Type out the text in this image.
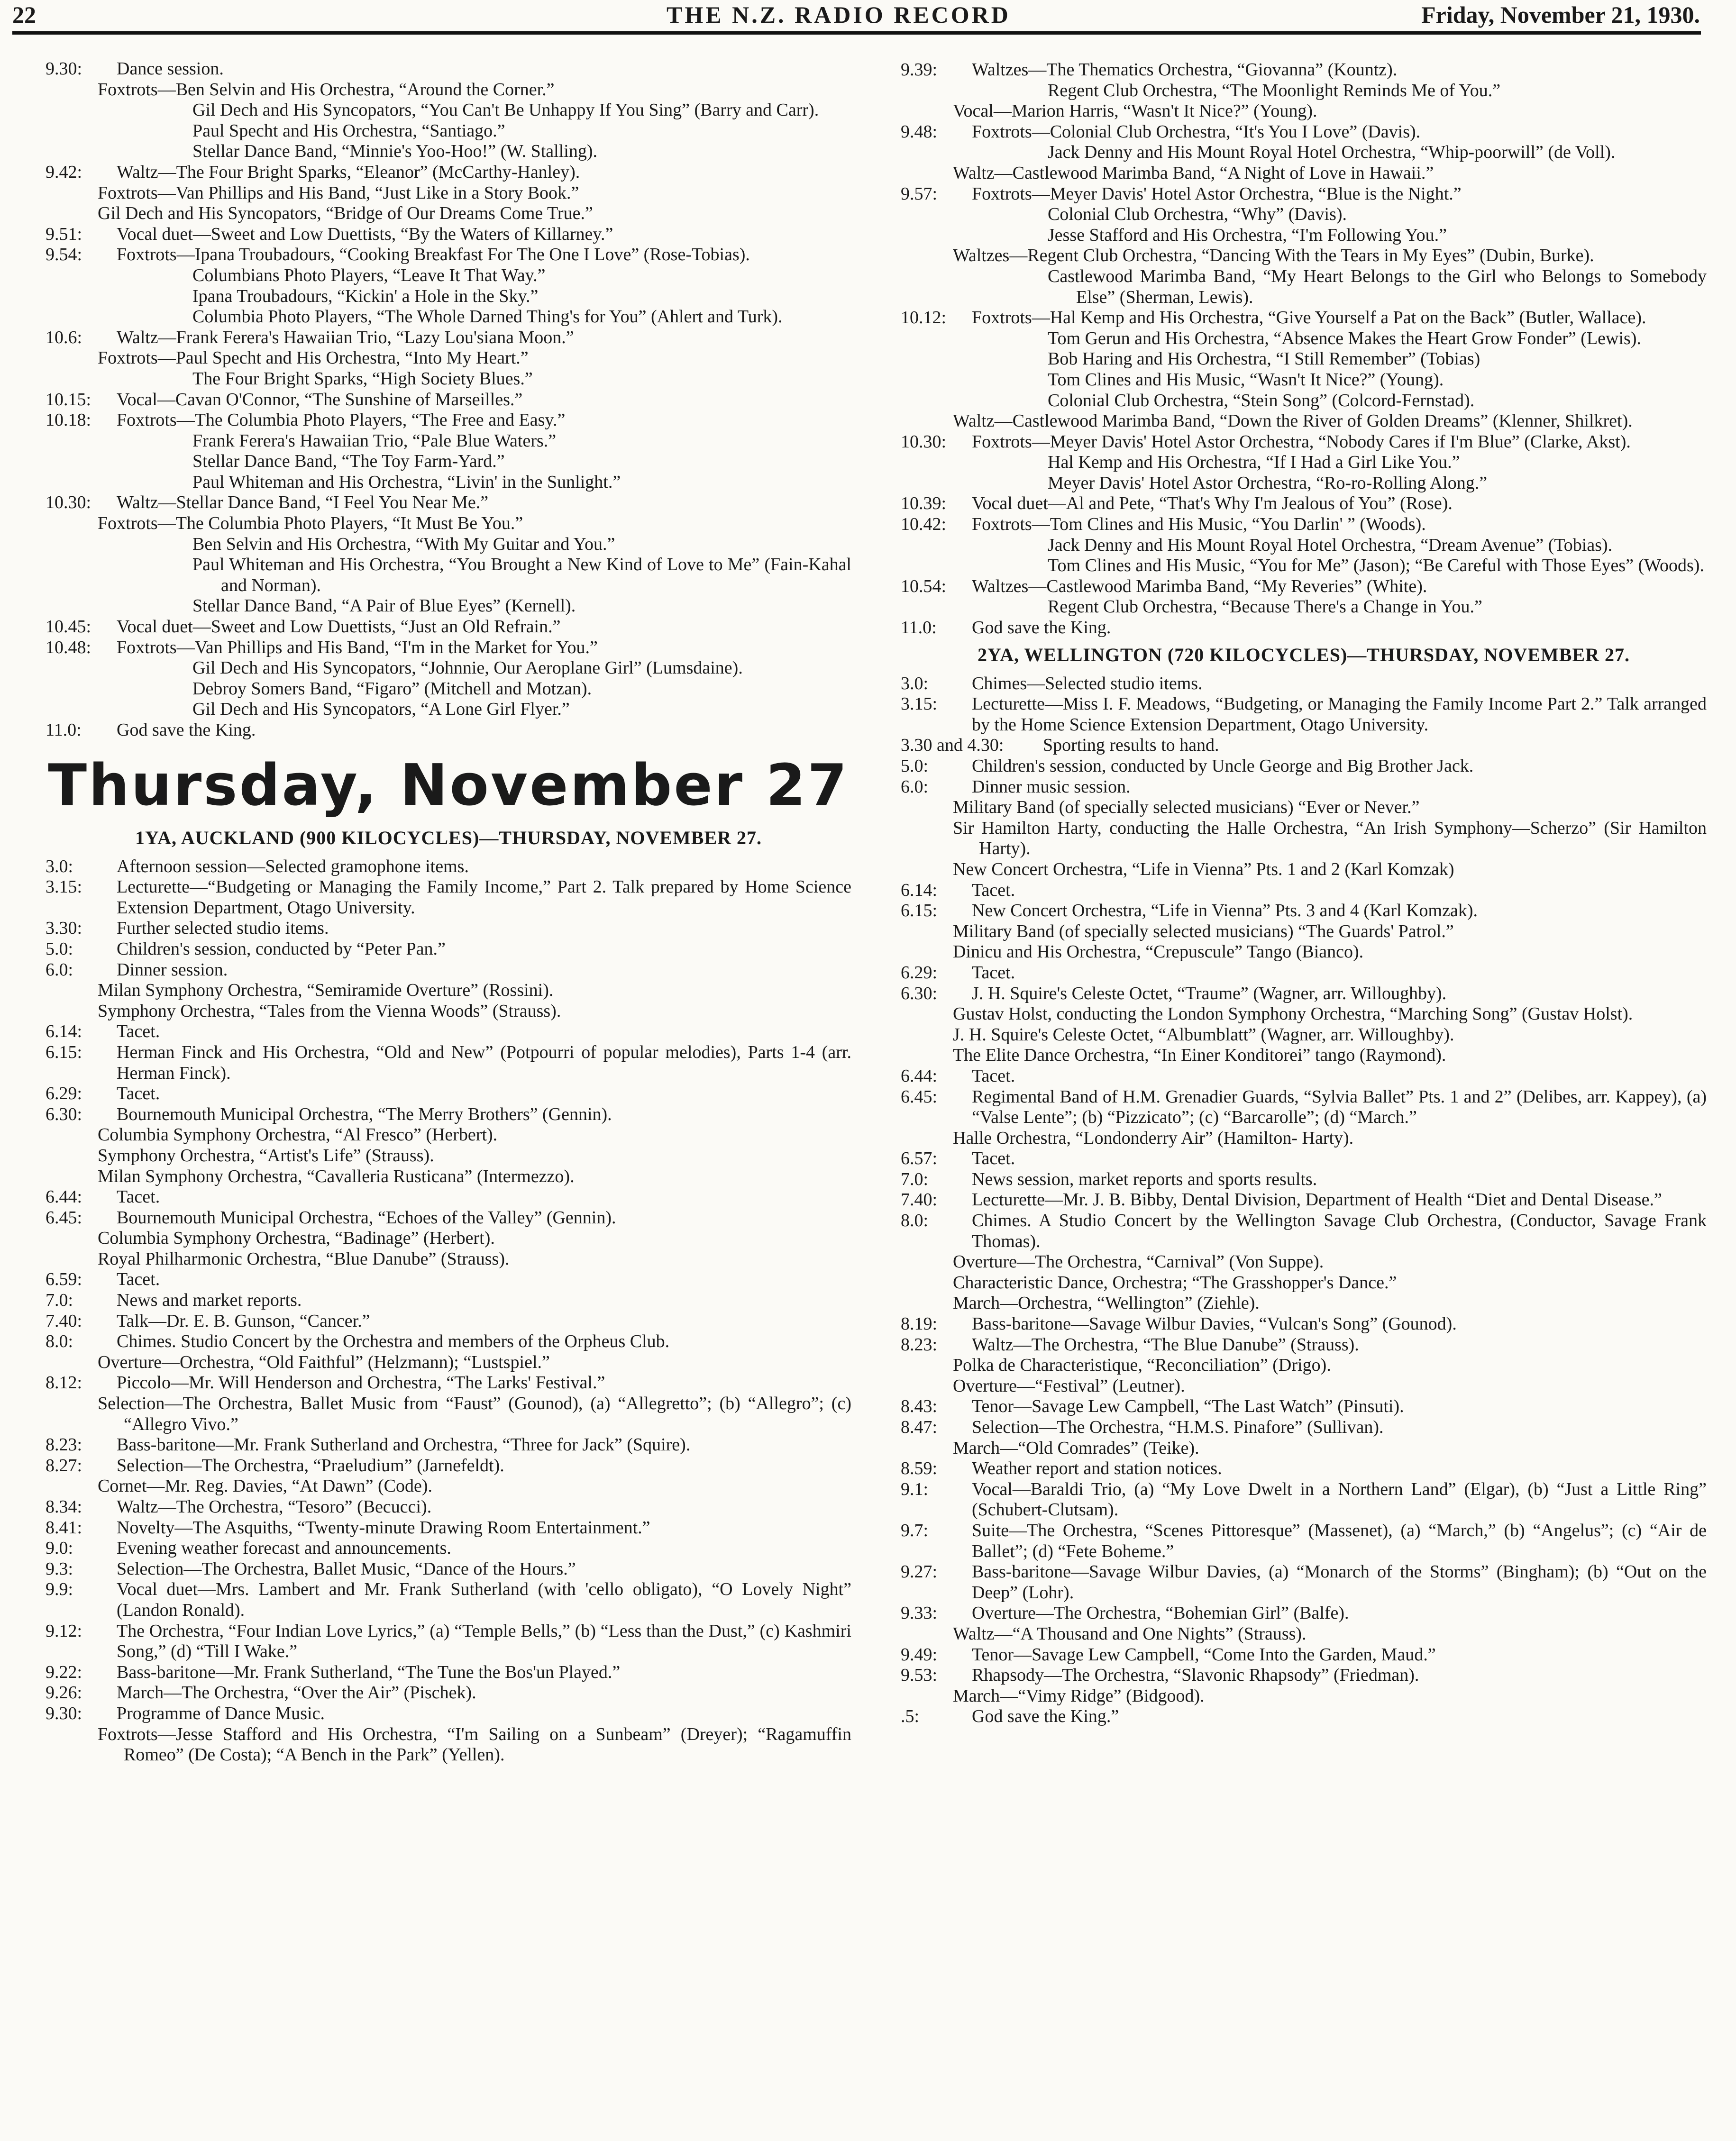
22	THE N.Z. RADIO RECORD	Friday, November 21, 1930.
9.30:	Dance session.
Foxtrots—Ben Selvin and His Orchestra, “Around the Corner.”
Gil Dech and His Syncopators, “You Can't Be Unhappy If You Sing” (Barry and Carr).
Paul Specht and His Orchestra, “Santiago.”
Stellar Dance Band, “Minnie's Yoo-Hoo!” (W. Stalling).
9.42:	Waltz—The Four Bright Sparks, “Eleanor” (McCarthy-Hanley).
Foxtrots—Van Phillips and His Band, “Just Like in a Story Book.”
Gil Dech and His Syncopators, “Bridge of Our Dreams Come True.”
9.51:	Vocal duet—Sweet and Low Duettists, “By the Waters of Killarney.”
9.54:	Foxtrots—Ipana Troubadours, “Cooking Breakfast For The One I Love” (Rose-Tobias).
Columbians Photo Players, “Leave It That Way.”
Ipana Troubadours, “Kickin' a Hole in the Sky.”
Columbia Photo Players, “The Whole Darned Thing's for You” (Ahlert and Turk).
10.6:	Waltz—Frank Ferera's Hawaiian Trio, “Lazy Lou'siana Moon.”
Foxtrots—Paul Specht and His Orchestra, “Into My Heart.”
The Four Bright Sparks, “High Society Blues.”
10.15:	Vocal—Cavan O'Connor, “The Sunshine of Marseilles.”
10.18:	Foxtrots—The Columbia Photo Players, “The Free and Easy.”
Frank Ferera's Hawaiian Trio, “Pale Blue Waters.”
Stellar Dance Band, “The Toy Farm-Yard.”
Paul Whiteman and His Orchestra, “Livin' in the Sunlight.”
10.30:	Waltz—Stellar Dance Band, “I Feel You Near Me.”
Foxtrots—The Columbia Photo Players, “It Must Be You.”
Ben Selvin and His Orchestra, “With My Guitar and You.”
Paul Whiteman and His Orchestra, “You Brought a New Kind of Love to Me” (Fain-Kahal and Norman).
Stellar Dance Band, “A Pair of Blue Eyes” (Kernell).
10.45:	Vocal duet—Sweet and Low Duettists, “Just an Old Refrain.”
10.48:	Foxtrots—Van Phillips and His Band, “I'm in the Market for You.”
Gil Dech and His Syncopators, “Johnnie, Our Aeroplane Girl” (Lumsdaine).
Debroy Somers Band, “Figaro” (Mitchell and Motzan).
Gil Dech and His Syncopators, “A Lone Girl Flyer.”
11.0:	God save the King.
Thursday, November 27
1YA, AUCKLAND (900 KILOCYCLES)—THURSDAY, NOVEMBER 27.
3.0:	Afternoon session—Selected gramophone items.
3.15:	Lecturette—“Budgeting or Managing the Family Income,” Part 2. Talk prepared by Home Science Extension Department, Otago University.
3.30:	Further selected studio items.
5.0:	Children's session, conducted by “Peter Pan.”
6.0:	Dinner session.
Milan Symphony Orchestra, “Semiramide Overture” (Rossini).
Symphony Orchestra, “Tales from the Vienna Woods” (Strauss).
6.14:	Tacet.
6.15:	Herman Finck and His Orchestra, “Old and New” (Potpourri of popular melodies), Parts 1-4 (arr. Herman Finck).
6.29:	Tacet.
6.30:	Bournemouth Municipal Orchestra, “The Merry Brothers” (Gennin).
Columbia Symphony Orchestra, “Al Fresco” (Herbert).
Symphony Orchestra, “Artist's Life” (Strauss).
Milan Symphony Orchestra, “Cavalleria Rusticana” (Intermezzo).
6.44:	Tacet.
6.45:	Bournemouth Municipal Orchestra, “Echoes of the Valley” (Gennin).
Columbia Symphony Orchestra, “Badinage” (Herbert).
Royal Philharmonic Orchestra, “Blue Danube” (Strauss).
6.59:	Tacet.
7.0:	News and market reports.
7.40:	Talk—Dr. E. B. Gunson, “Cancer.”
8.0:	Chimes. Studio Concert by the Orchestra and members of the Orpheus Club.
Overture—Orchestra, “Old Faithful” (Helzmann); “Lustspiel.”
8.12:	Piccolo—Mr. Will Henderson and Orchestra, “The Larks' Festival.”
Selection—The Orchestra, Ballet Music from “Faust” (Gounod), (a) “Allegretto”; (b) “Allegro”; (c) “Allegro Vivo.”
8.23:	Bass-baritone—Mr. Frank Sutherland and Orchestra, “Three for Jack” (Squire).
8.27:	Selection—The Orchestra, “Praeludium” (Jarnefeldt).
Cornet—Mr. Reg. Davies, “At Dawn” (Code).
8.34:	Waltz—The Orchestra, “Tesoro” (Becucci).
8.41:	Novelty—The Asquiths, “Twenty-minute Drawing Room Entertainment.”
9.0:	Evening weather forecast and announcements.
9.3:	Selection—The Orchestra, Ballet Music, “Dance of the Hours.”
9.9:	Vocal duet—Mrs. Lambert and Mr. Frank Sutherland (with 'cello obligato), “O Lovely Night” (Landon Ronald).
9.12:	The Orchestra, “Four Indian Love Lyrics,” (a) “Temple Bells,” (b) “Less than the Dust,” (c) Kashmiri Song,” (d) “Till I Wake.”
9.22:	Bass-baritone—Mr. Frank Sutherland, “The Tune the Bos'un Played.”
9.26:	March—The Orchestra, “Over the Air” (Pischek).
9.30:	Programme of Dance Music.
Foxtrots—Jesse Stafford and His Orchestra, “I'm Sailing on a Sunbeam” (Dreyer); “Ragamuffin Romeo” (De Costa); “A Bench in the Park” (Yellen).
9.39:	Waltzes—The Thematics Orchestra, “Giovanna” (Kountz).
Regent Club Orchestra, “The Moonlight Reminds Me of You.”
Vocal—Marion Harris, “Wasn't It Nice?” (Young).
9.48:	Foxtrots—Colonial Club Orchestra, “It's You I Love” (Davis).
Jack Denny and His Mount Royal Hotel Orchestra, “Whip-poorwill” (de Voll).
Waltz—Castlewood Marimba Band, “A Night of Love in Hawaii.”
9.57:	Foxtrots—Meyer Davis' Hotel Astor Orchestra, “Blue is the Night.”
Colonial Club Orchestra, “Why” (Davis).
Jesse Stafford and His Orchestra, “I'm Following You.”
Waltzes—Regent Club Orchestra, “Dancing With the Tears in My Eyes” (Dubin, Burke).
Castlewood Marimba Band, “My Heart Belongs to the Girl who Belongs to Somebody Else” (Sherman, Lewis).
10.12:	Foxtrots—Hal Kemp and His Orchestra, “Give Yourself a Pat on the Back” (Butler, Wallace).
Tom Gerun and His Orchestra, “Absence Makes the Heart Grow Fonder” (Lewis).
Bob Haring and His Orchestra, “I Still Remember” (Tobias)
Tom Clines and His Music, “Wasn't It Nice?” (Young).
Colonial Club Orchestra, “Stein Song” (Colcord-Fernstad).
Waltz—Castlewood Marimba Band, “Down the River of Golden Dreams” (Klenner, Shilkret).
10.30:	Foxtrots—Meyer Davis' Hotel Astor Orchestra, “Nobody Cares if I'm Blue” (Clarke, Akst).
Hal Kemp and His Orchestra, “If I Had a Girl Like You.”
Meyer Davis' Hotel Astor Orchestra, “Ro-ro-Rolling Along.”
10.39:	Vocal duet—Al and Pete, “That's Why I'm Jealous of You” (Rose).
10.42:	Foxtrots—Tom Clines and His Music, “You Darlin' ” (Woods).
Jack Denny and His Mount Royal Hotel Orchestra, “Dream Avenue” (Tobias).
Tom Clines and His Music, “You for Me” (Jason); “Be Careful with Those Eyes” (Woods).
10.54:	Waltzes—Castlewood Marimba Band, “My Reveries” (White).
Regent Club Orchestra, “Because There's a Change in You.”
11.0:	God save the King.
2YA, WELLINGTON (720 KILOCYCLES)—THURSDAY, NOVEMBER 27.
3.0:	Chimes—Selected studio items.
3.15:	Lecturette—Miss I. F. Meadows, “Budgeting, or Managing the Family Income Part 2.” Talk arranged by the Home Science Extension Department, Otago University.
3.30 and 4.30:	Sporting results to hand.
5.0:	Children's session, conducted by Uncle George and Big Brother Jack.
6.0:	Dinner music session.
Military Band (of specially selected musicians) “Ever or Never.”
Sir Hamilton Harty, conducting the Halle Orchestra, “An Irish Symphony—Scherzo” (Sir Hamilton Harty).
New Concert Orchestra, “Life in Vienna” Pts. 1 and 2 (Karl Komzak)
6.14:	Tacet.
6.15:	New Concert Orchestra, “Life in Vienna” Pts. 3 and 4 (Karl Komzak).
Military Band (of specially selected musicians) “The Guards' Patrol.”
Dinicu and His Orchestra, “Crepuscule” Tango (Bianco).
6.29:	Tacet.
6.30:	J. H. Squire's Celeste Octet, “Traume” (Wagner, arr. Willoughby).
Gustav Holst, conducting the London Symphony Orchestra, “Marching Song” (Gustav Holst).
J. H. Squire's Celeste Octet, “Albumblatt” (Wagner, arr. Willoughby).
The Elite Dance Orchestra, “In Einer Konditorei” tango (Raymond).
6.44:	Tacet.
6.45:	Regimental Band of H.M. Grenadier Guards, “Sylvia Ballet” Pts. 1 and 2” (Delibes, arr. Kappey), (a) “Valse Lente”; (b) “Pizzicato”; (c) “Barcarolle”; (d) “March.”
Halle Orchestra, “Londonderry Air” (Hamilton- Harty).
6.57:	Tacet.
7.0:	News session, market reports and sports results.
7.40:	Lecturette—Mr. J. B. Bibby, Dental Division, Department of Health “Diet and Dental Disease.”
8.0:	Chimes. A Studio Concert by the Wellington Savage Club Orchestra, (Conductor, Savage Frank Thomas).
Overture—The Orchestra, “Carnival” (Von Suppe).
Characteristic Dance, Orchestra; “The Grasshopper's Dance.”
March—Orchestra, “Wellington” (Ziehle).
8.19:	Bass-baritone—Savage Wilbur Davies, “Vulcan's Song” (Gounod).
8.23:	Waltz—The Orchestra, “The Blue Danube” (Strauss).
Polka de Characteristique, “Reconciliation” (Drigo).
Overture—“Festival” (Leutner).
8.43:	Tenor—Savage Lew Campbell, “The Last Watch” (Pinsuti).
8.47:	Selection—The Orchestra, “H.M.S. Pinafore” (Sullivan).
March—“Old Comrades” (Teike).
8.59:	Weather report and station notices.
9.1:	Vocal—Baraldi Trio, (a) “My Love Dwelt in a Northern Land” (Elgar), (b) “Just a Little Ring” (Schubert-Clutsam).
9.7:	Suite—The Orchestra, “Scenes Pittoresque” (Massenet), (a) “March,” (b) “Angelus”; (c) “Air de Ballet”; (d) “Fete Boheme.”
9.27:	Bass-baritone—Savage Wilbur Davies, (a) “Monarch of the Storms” (Bingham); (b) “Out on the Deep” (Lohr).
9.33:	Overture—The Orchestra, “Bohemian Girl” (Balfe).
Waltz—“A Thousand and One Nights” (Strauss).
9.49:	Tenor—Savage Lew Campbell, “Come Into the Garden, Maud.”
9.53:	Rhapsody—The Orchestra, “Slavonic Rhapsody” (Friedman).
March—“Vimy Ridge” (Bidgood).
.5:	God save the King.”
